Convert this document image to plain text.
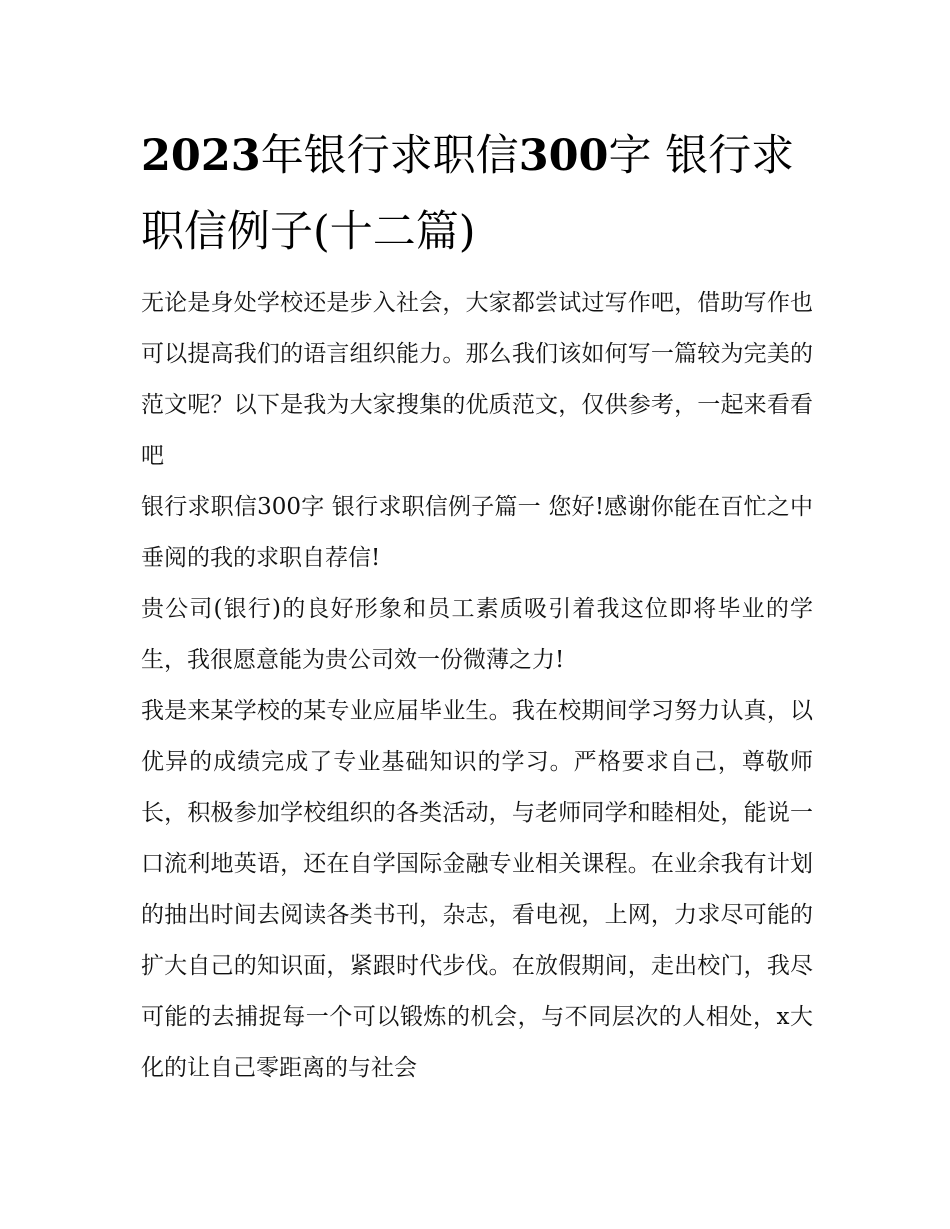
2023年银行求职信300字 银行求职信例子(十二篇)

无论是身处学校还是步入社会，大家都尝试过写作吧，借助写作也可以提高我们的语言组织能力。那么我们该如何写一篇较为完美的范文呢？以下是我为大家搜集的优质范文，仅供参考，一起来看看吧

银行求职信300字 银行求职信例子篇一 您好!感谢你能在百忙之中垂阅的我的求职自荐信!

贵公司(银行)的良好形象和员工素质吸引着我这位即将毕业的学生，我很愿意能为贵公司效一份微薄之力!

我是来某学校的某专业应届毕业生。我在校期间学习努力认真，以优异的成绩完成了专业基础知识的学习。严格要求自己，尊敬师长，积极参加学校组织的各类活动，与老师同学和睦相处，能说一口流利地英语，还在自学国际金融专业相关课程。在业余我有计划的抽出时间去阅读各类书刊，杂志，看电视，上网，力求尽可能的扩大自己的知识面，紧跟时代步伐。在放假期间，走出校门，我尽可能的去捕捉每一个可以锻炼的机会，与不同层次的人相处，x大化的让自己零距离的与社会
